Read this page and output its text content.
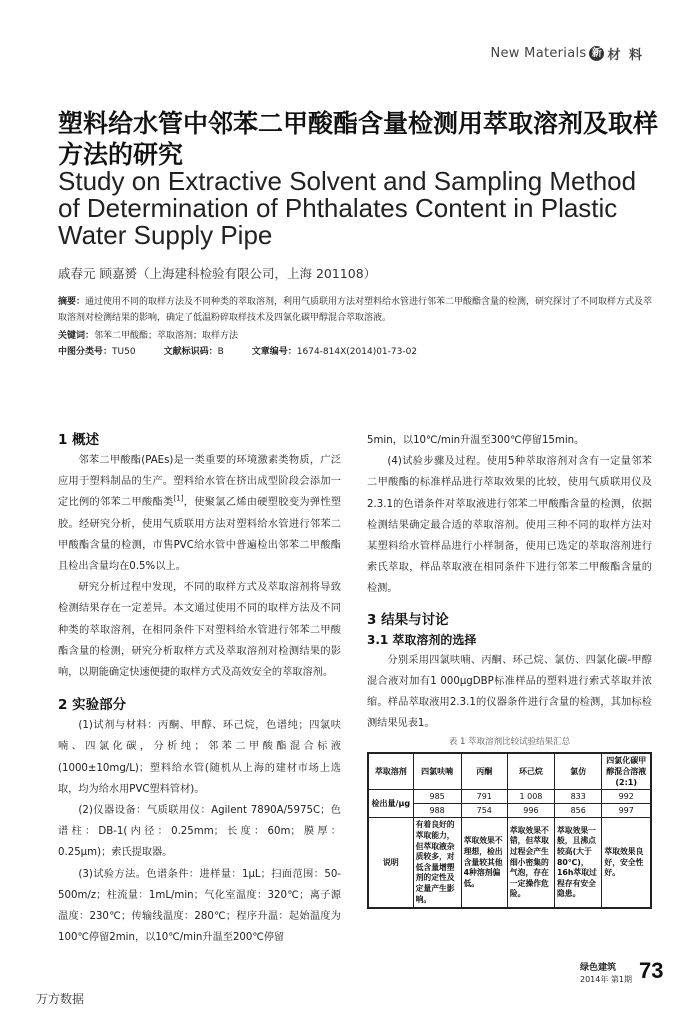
New Materials 新 材 料
塑料给水管中邻苯二甲酸酯含量检测用萃取溶剂及取样方法的研究
Study on Extractive Solvent and Sampling Method of Determination of Phthalates Content in Plastic Water Supply Pipe
戚春元 顾嘉赟（上海建科检验有限公司，上海 201108）
摘要：通过使用不同的取样方法及不同种类的萃取溶剂，利用气质联用方法对塑料给水管进行邻苯二甲酸酯含量的检测，研究探讨了不同取样方式及萃取溶剂对检测结果的影响，确定了低温粉碎取样技术及四氯化碳甲醇混合萃取溶液。
关键词：邻苯二甲酸酯；萃取溶剂；取样方法
中图分类号：TU50	文献标识码：B	文章编号：1674-814X(2014)01-73-02

1 概述

邻苯二甲酸酯(PAEs)是一类重要的环境激素类物质，广泛应用于塑料制品的生产。塑料给水管在挤出成型阶段会添加一定比例的邻苯二甲酸酯类[1]，使聚氯乙烯由硬塑胶变为弹性塑胶。经研究分析，使用气质联用方法对塑料给水管进行邻苯二甲酸酯含量的检测，市售PVC给水管中普遍检出邻苯二甲酸酯且检出含量均在0.5%以上。

研究分析过程中发现，不同的取样方式及萃取溶剂将导致检测结果存在一定差异。本文通过使用不同的取样方法及不同种类的萃取溶剂，在相同条件下对塑料给水管进行邻苯二甲酸酯含量的检测，研究分析取样方式及萃取溶剂对检测结果的影响，以期能确定快速便捷的取样方式及高效安全的萃取溶剂。

2 实验部分

(1)试剂与材料：丙酮、甲醇、环己烷，色谱纯；四氯呋喃、四氯化碳，分析纯；邻苯二甲酸酯混合标液(1000±10mg/L)；塑料给水管(随机从上海的建材市场上选取，均为给水用PVC塑料管材)。

(2)仪器设备：气质联用仪：Agilent 7890A/5975C；色谱柱：DB-1(内径：0.25mm；长度：60m；膜厚：0.25μm)；索氏提取器。

(3)试验方法。色谱条件：进样量：1μL；扫面范围：50-500m/z；柱流量：1mL/min；气化室温度：320℃；离子源温度：230℃；传输线温度：280℃；程序升温：起始温度为100℃停留2min，以10℃/min升温至200℃停留

5min，以10℃/min升温至300℃停留15min。

(4)试验步骤及过程。使用5种萃取溶剂对含有一定量邻苯二甲酸酯的标准样品进行萃取效果的比较，使用气质联用仪及2.3.1的色谱条件对萃取液进行邻苯二甲酸酯含量的检测，依据检测结果确定最合适的萃取溶剂。使用三种不同的取样方法对某塑料给水管样品进行小样制备，使用已选定的萃取溶剂进行索氏萃取，样品萃取液在相同条件下进行邻苯二甲酸酯含量的检测。

3 结果与讨论

3.1 萃取溶剂的选择

分别采用四氯呋喃、丙酮、环己烷、氯仿、四氯化碳-甲醇混合液对加有1 000μgDBP标准样品的塑料进行索式萃取并浓缩。样品萃取液用2.3.1的仪器条件进行含量的检测，其加标检测结果见表1。

表 1 萃取溶剂比较试验结果汇总
萃取溶剂	四氯呋喃	丙酮	环己烷	氯仿	四氯化碳甲醇混合溶液(2:1)
检出量/μg	985	791	1 008	833	992
	988	754	996	856	997
说明	有着良好的萃取能力，但萃取液杂质较多，对低含量增塑剂的定性及定量产生影响。	萃取效果不理想，检出含量较其他4种溶剂偏低。	萃取效果不错，但萃取过程会产生细小密集的气泡，存在一定操作危险。	萃取效果一般，且沸点较高(大于80℃)，16h萃取过程存有安全隐患。	萃取效果良好，安全性好。
绿色建筑
2014年 第1期 73
万方数据
